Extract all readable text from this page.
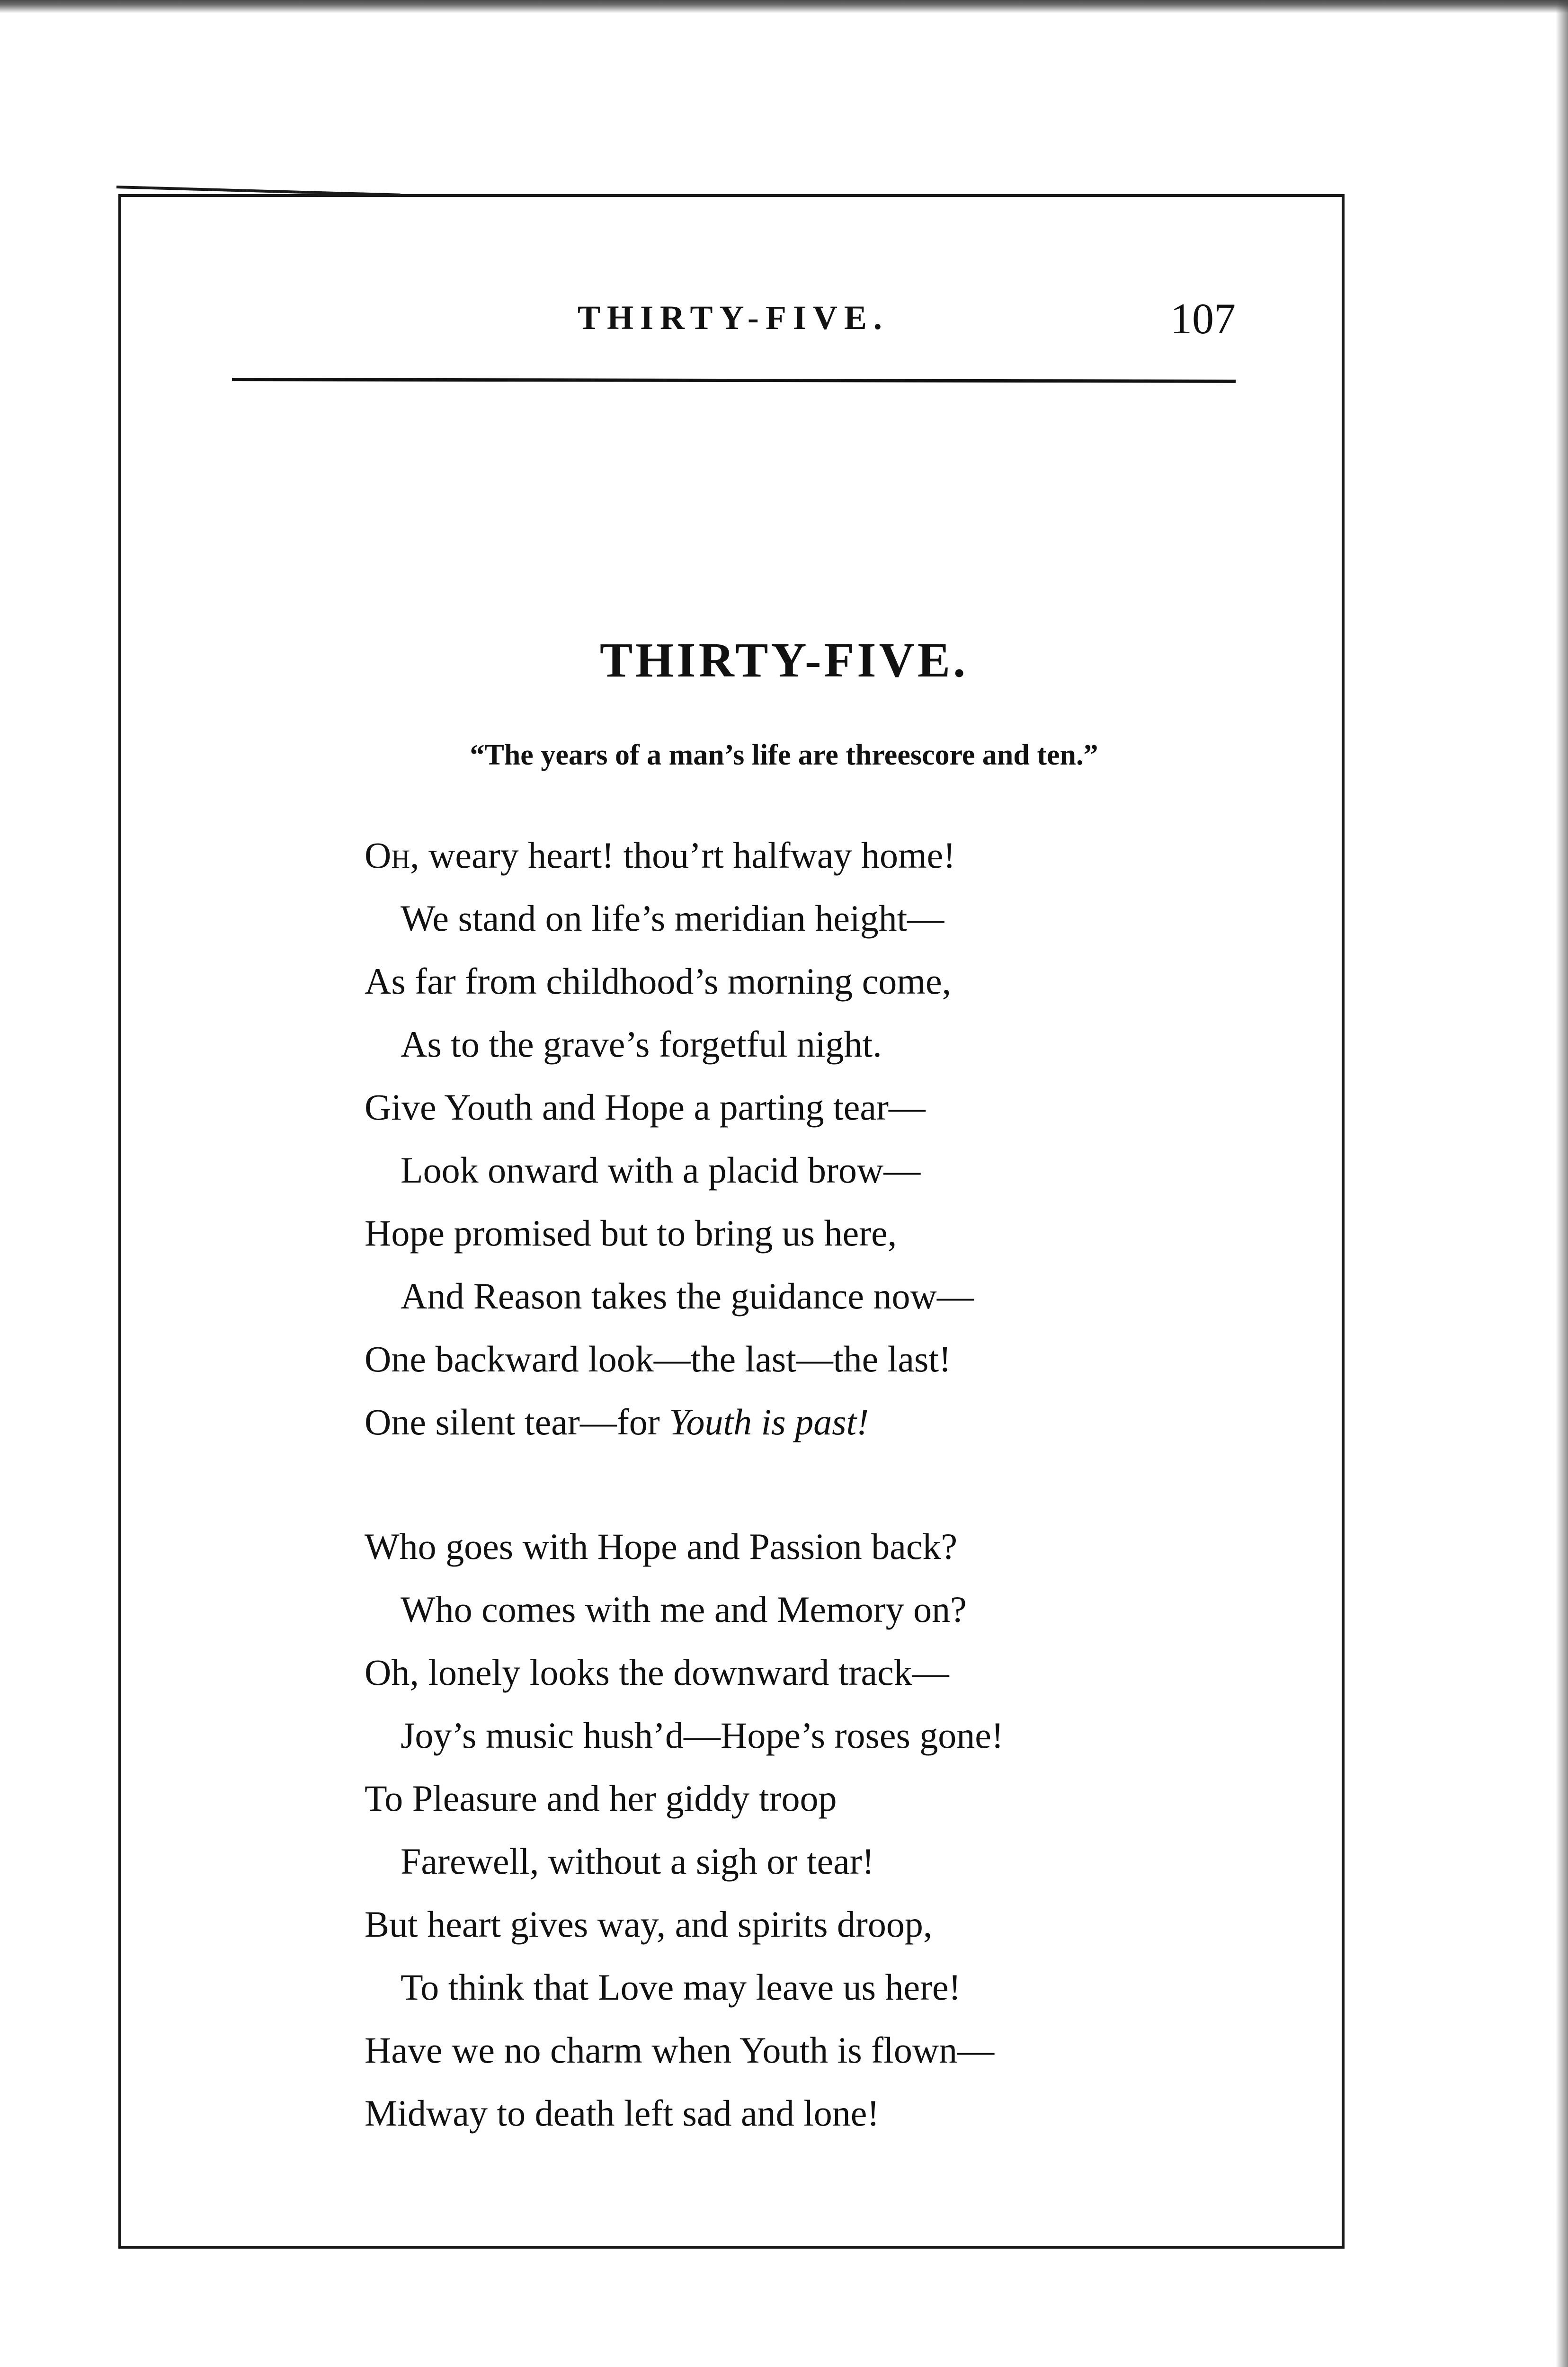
THIRTY-FIVE.	107
THIRTY-FIVE.
“The years of a man’s life are threescore and ten.”
Oh, weary heart! thou’rt halfway home!
We stand on life’s meridian height—
As far from childhood’s morning come,
As to the grave’s forgetful night.
Give Youth and Hope a parting tear—
Look onward with a placid brow—
Hope promised but to bring us here,
And Reason takes the guidance now—
One backward look—the last—the last!
One silent tear—for Youth is past!
Who goes with Hope and Passion back?
Who comes with me and Memory on?
Oh, lonely looks the downward track—
Joy’s music hush’d—Hope’s roses gone!
To Pleasure and her giddy troop
Farewell, without a sigh or tear!
But heart gives way, and spirits droop,
To think that Love may leave us here!
Have we no charm when Youth is flown—
Midway to death left sad and lone!
